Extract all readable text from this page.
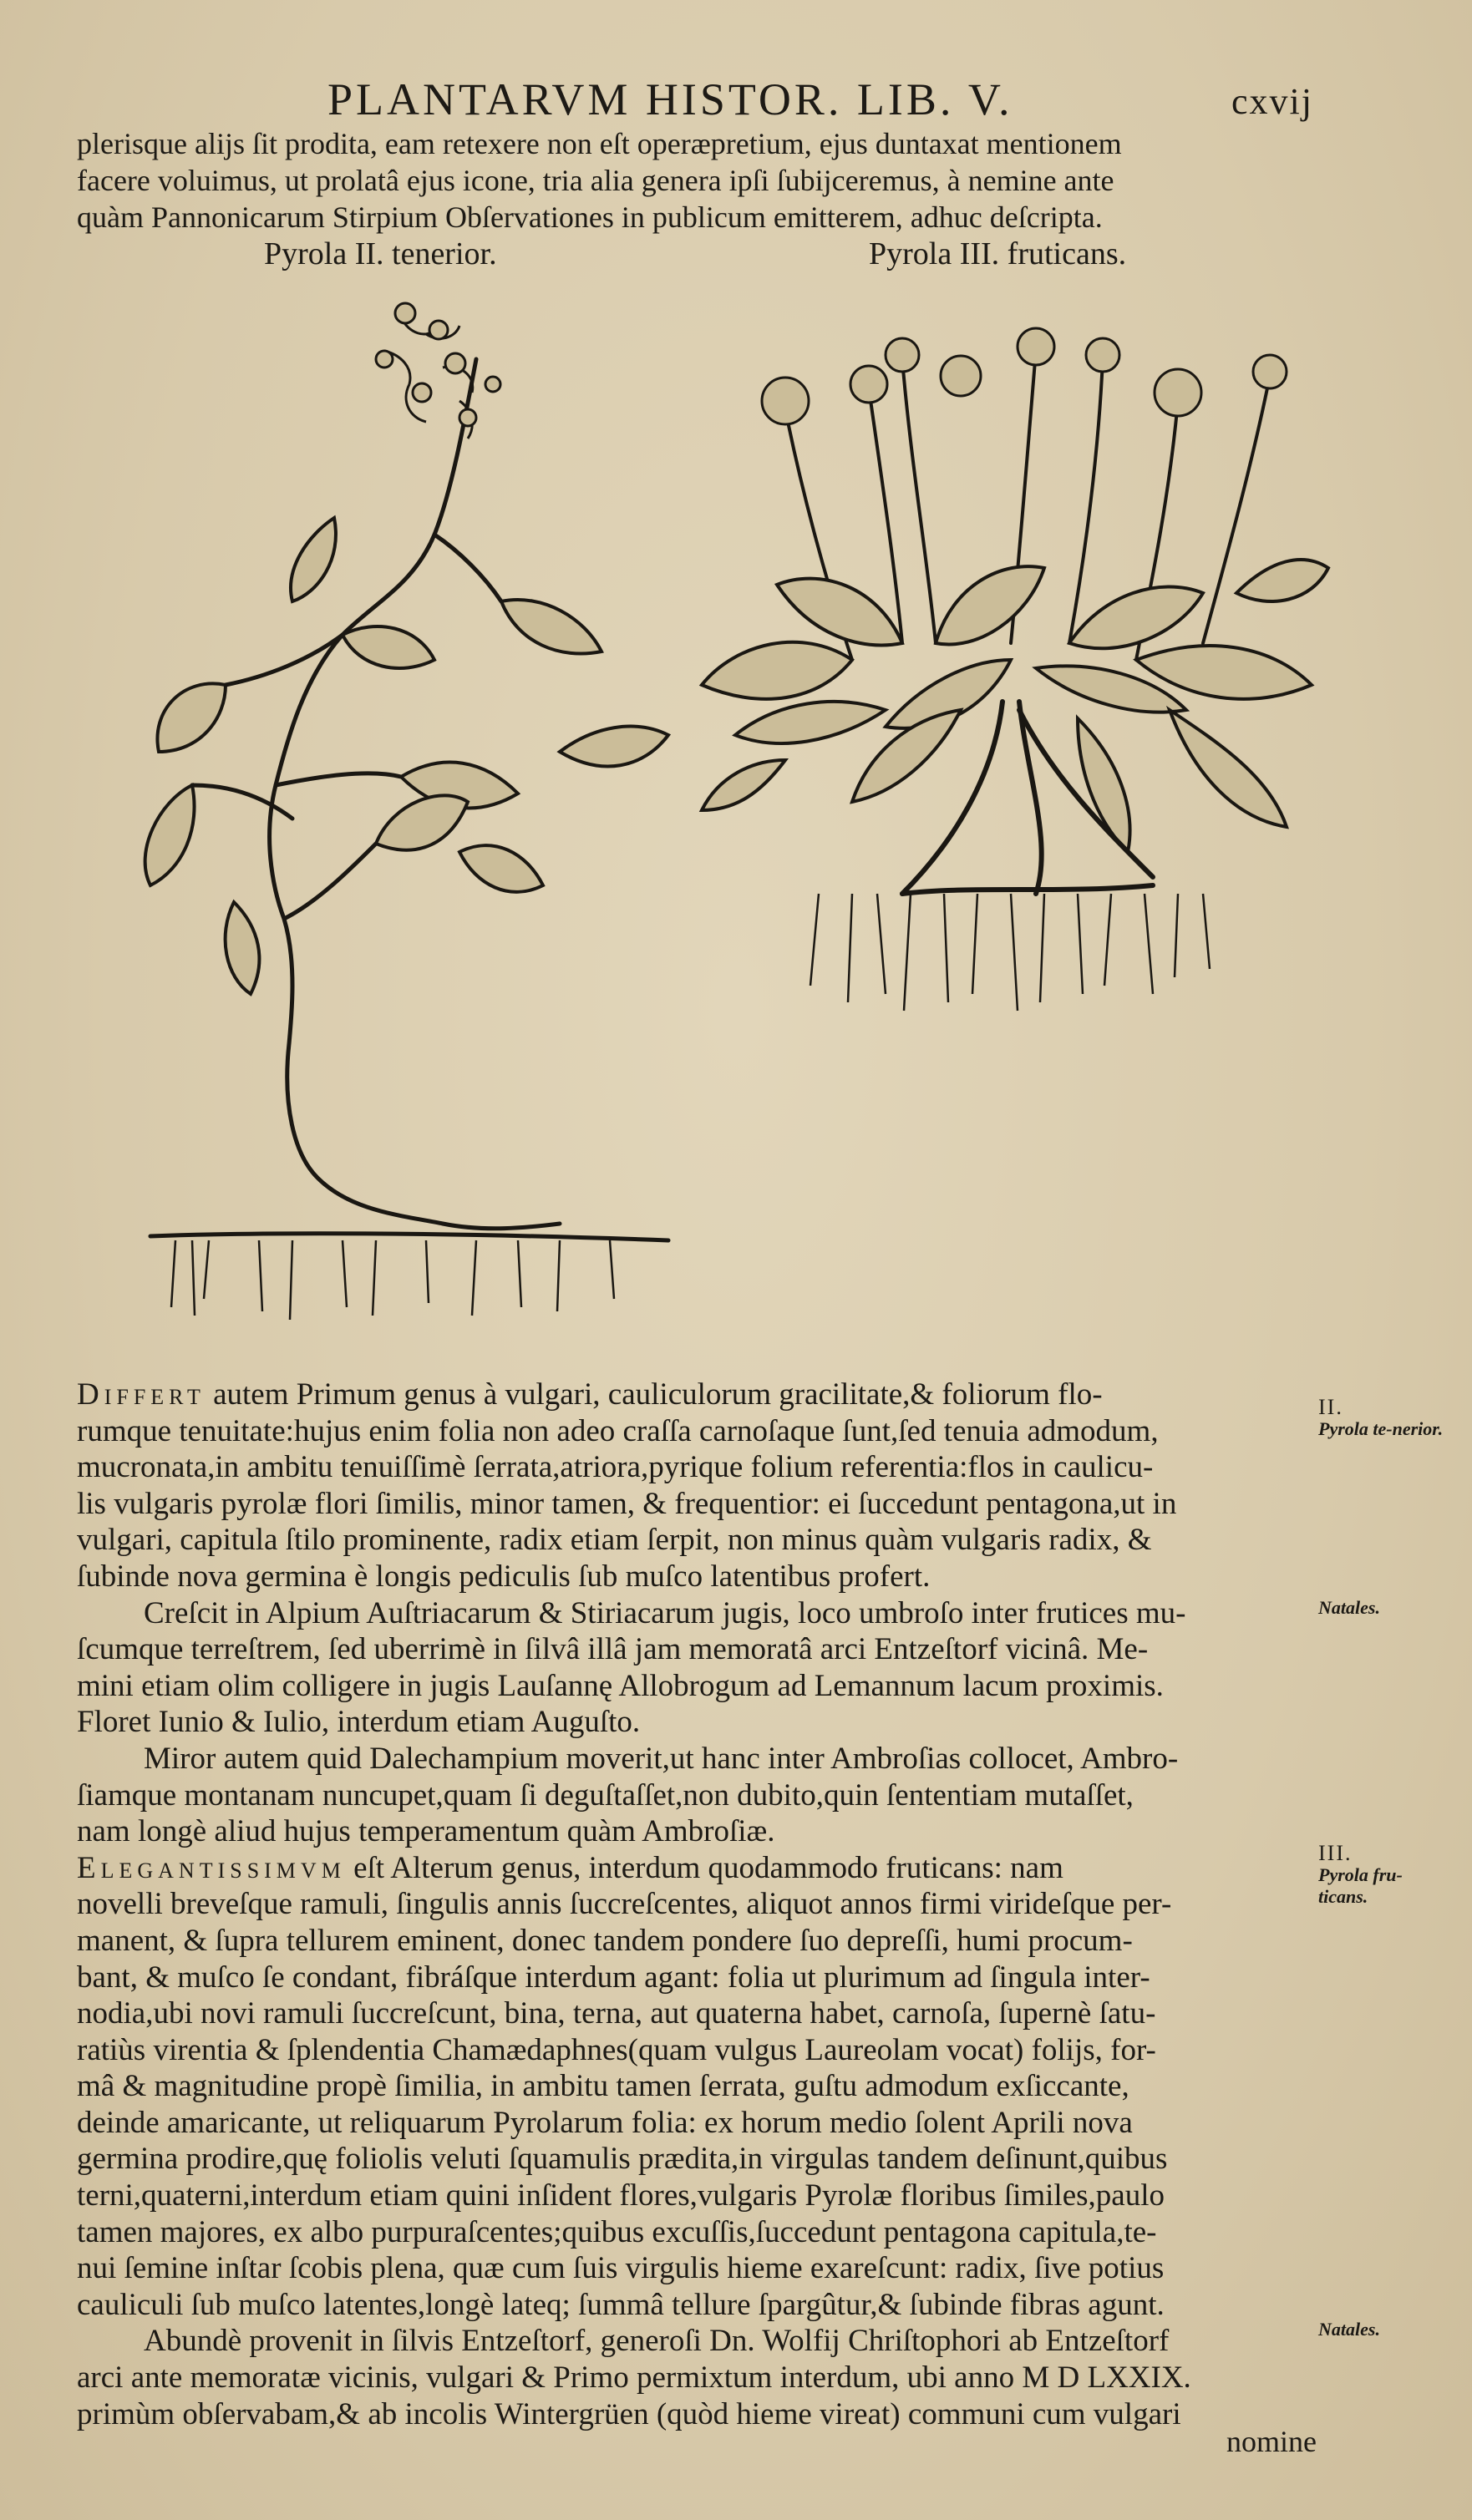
PLANTARVM HISTOR. LIB. V.	cxvij
plerisque alijs ſit prodita, eam retexere non eſt operæpretium, ejus duntaxat mentionem
facere voluimus, ut prolatâ ejus icone, tria alia genera ipſi ſubijceremus, à nemine ante
quàm Pannonicarum Stirpium Obſervationes in publicum emitterem, adhuc deſcripta.
Pyrola II. tenerior.	Pyrola III. fruticans.
Differt autem Primum genus à vulgari, cauliculorum gracilitate,& foliorum flo-
rumque tenuitate:hujus enim folia non adeo craſſa carnoſaque ſunt,ſed tenuia admodum,
mucronata,in ambitu tenuiſſimè ſerrata,atriora,pyrique folium referentia:flos in caulicu-
lis vulgaris pyrolæ flori ſimilis, minor tamen, & frequentior: ei ſuccedunt pentagona,ut in
vulgari, capitula ſtilo prominente, radix etiam ſerpit, non minus quàm vulgaris radix, &
ſubinde nova germina è longis pediculis ſub muſco latentibus profert.
Creſcit in Alpium Auſtriacarum & Stiriacarum jugis, loco umbroſo inter frutices mu-
ſcumque terreſtrem, ſed uberrimè in ſilvâ illâ jam memoratâ arci Entzeſtorf vicinâ. Me-
mini etiam olim colligere in jugis Lauſannę Allobrogum ad Lemannum lacum proximis.
Floret Iunio & Iulio, interdum etiam Auguſto.
Miror autem quid Dalechampium moverit,ut hanc inter Ambroſias collocet, Ambro-
ſiamque montanam nuncupet,quam ſi deguſtaſſet,non dubito,quin ſententiam mutaſſet,
nam longè aliud hujus temperamentum quàm Ambroſiæ.
Elegantissimvm eſt Alterum genus, interdum quodammodo fruticans: nam
novelli breveſque ramuli, ſingulis annis ſuccreſcentes, aliquot annos firmi virideſque per-
manent, & ſupra tellurem eminent, donec tandem pondere ſuo depreſſi, humi procum-
bant, & muſco ſe condant, fibráſque interdum agant: folia ut plurimum ad ſingula inter-
nodia,ubi novi ramuli ſuccreſcunt, bina, terna, aut quaterna habet, carnoſa, ſupernè ſatu-
ratiùs virentia & ſplendentia Chamædaphnes(quam vulgus Laureolam vocat) folijs, for-
mâ & magnitudine propè ſimilia, in ambitu tamen ſerrata, guſtu admodum exſiccante,
deinde amaricante, ut reliquarum Pyrolarum folia: ex horum medio ſolent Aprili nova
germina prodire,quę foliolis veluti ſquamulis prædita,in virgulas tandem deſinunt,quibus
terni,quaterni,interdum etiam quini inſident flores,vulgaris Pyrolæ floribus ſimiles,paulo
tamen majores, ex albo purpuraſcentes;quibus excuſſis,ſuccedunt pentagona capitula,te-
nui ſemine inſtar ſcobis plena, quæ cum ſuis virgulis hieme exareſcunt: radix, ſive potius
cauliculi ſub muſco latentes,longè lateq; ſummâ tellure ſpargûtur,& ſubinde fibras agunt.
Abundè provenit in ſilvis Entzeſtorf, generoſi Dn. Wolfij Chriſtophori ab Entzeſtorf
arci ante memoratæ vicinis, vulgari & Primo permixtum interdum, ubi anno M D LXXIX.
primùm obſervabam,& ab incolis Wintergrüen (quòd hieme vireat) communi cum vulgari
nomine
II.
Pyrola te-nerior.
Natales.
III.
Pyrola fru-ticans.
Natales.
